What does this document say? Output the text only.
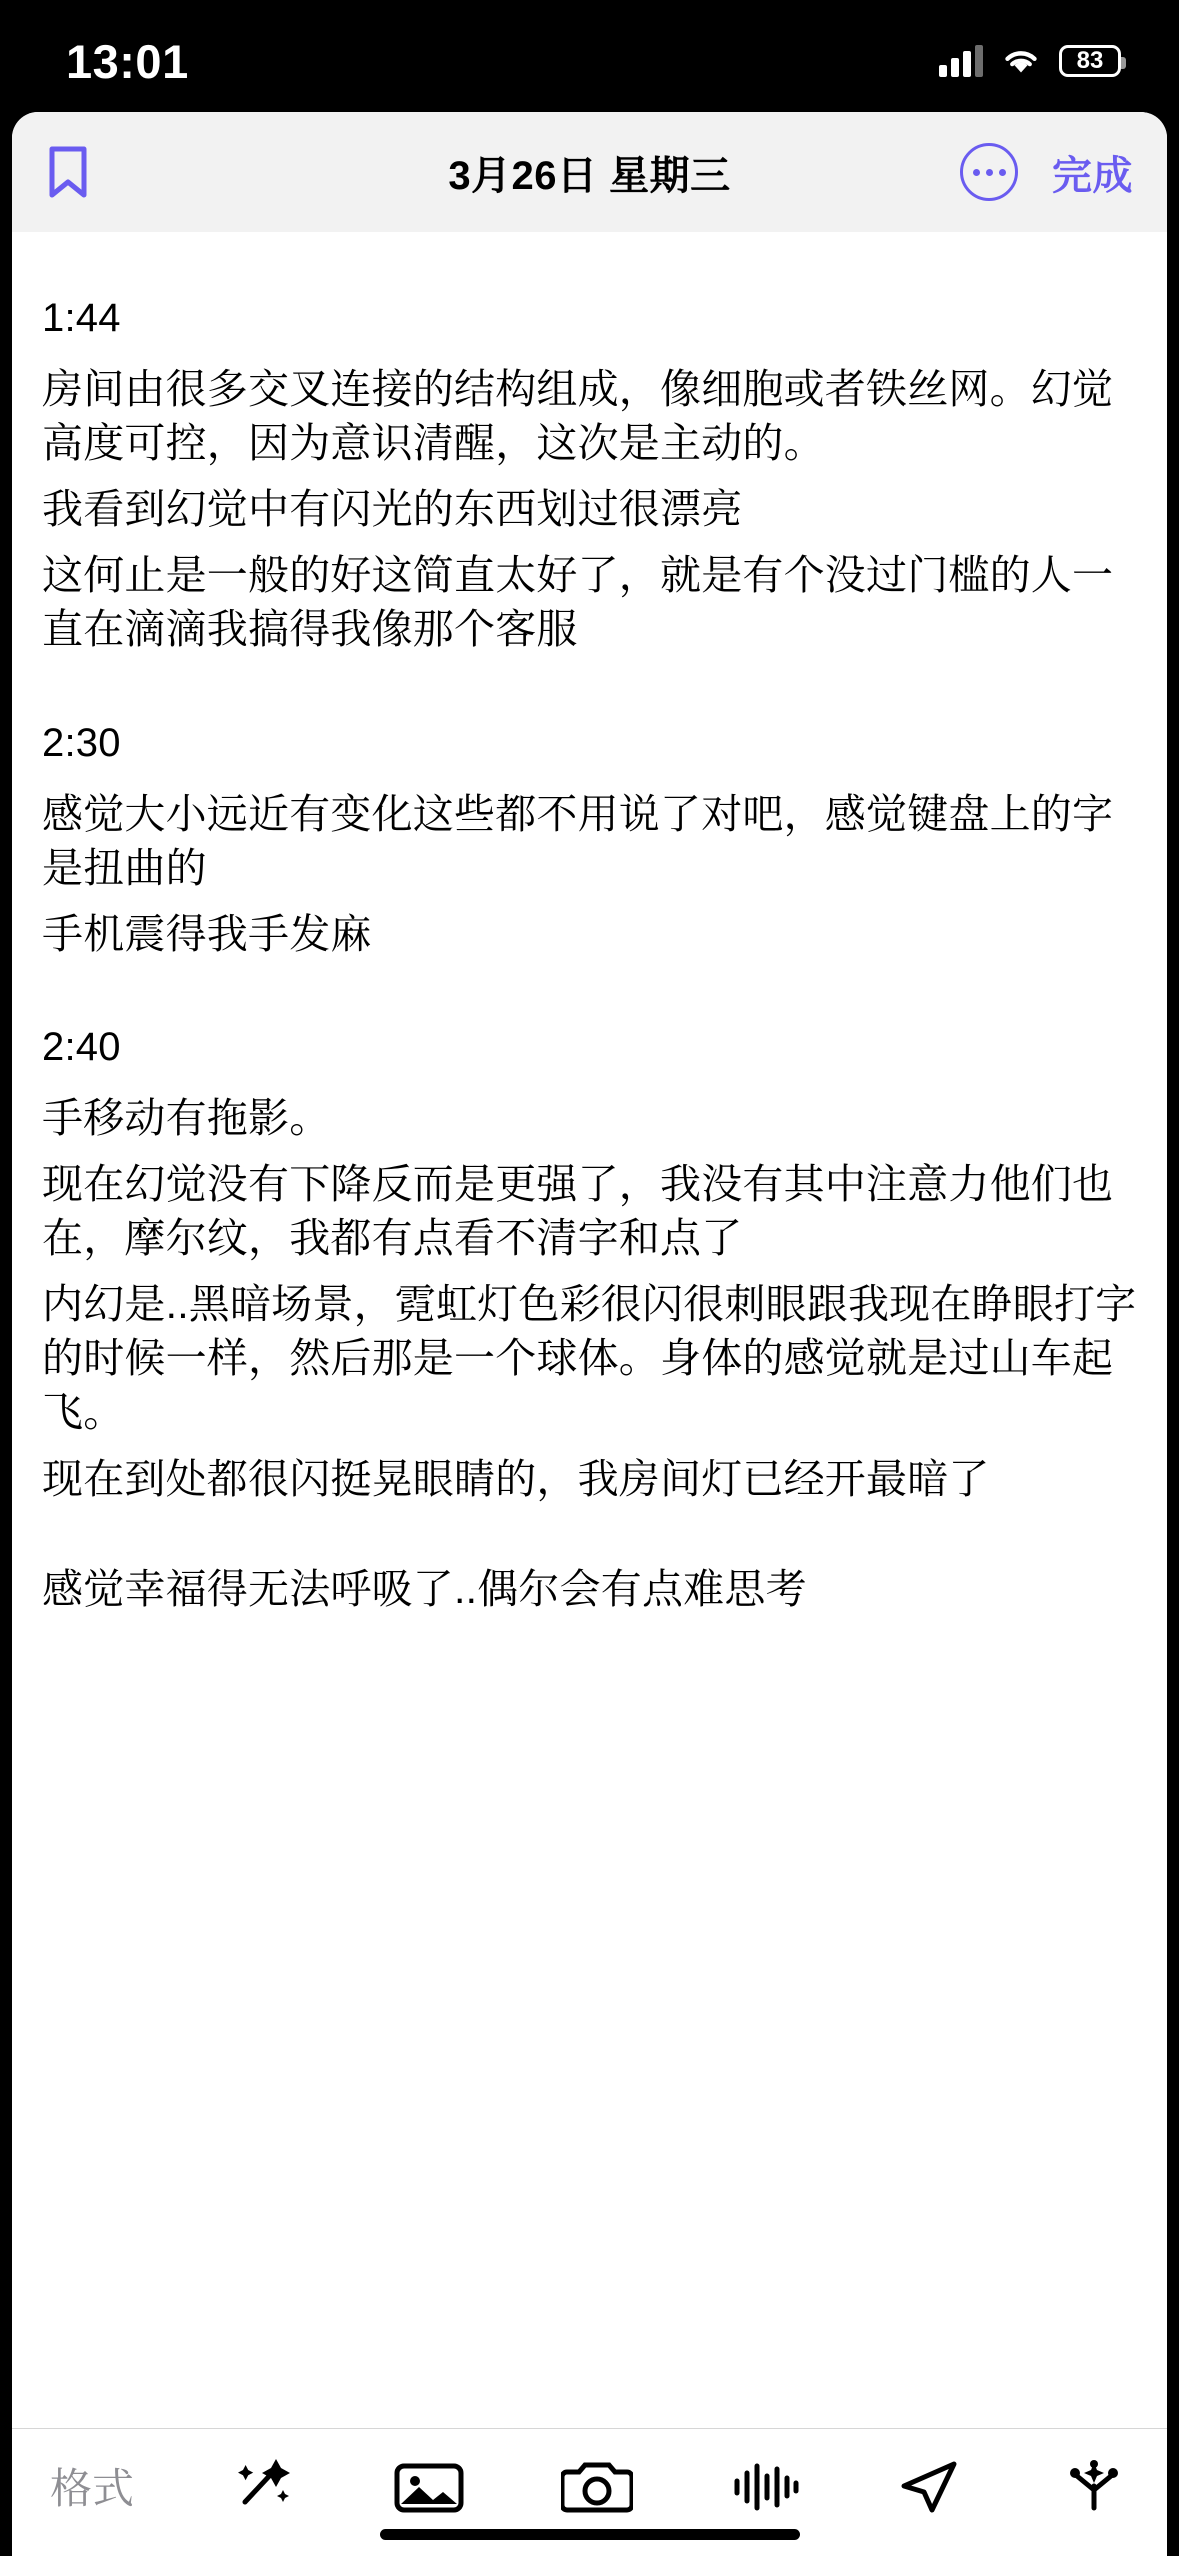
13:01	83
3月26日 星期三	完成
1:44
房间由很多交叉连接的结构组成，像细胞或者铁丝网。幻觉高度可控，因为意识清醒，这次是主动的。
我看到幻觉中有闪光的东西划过很漂亮
这何止是一般的好这简直太好了，就是有个没过门槛的人一直在滴滴我搞得我像那个客服
2:30
感觉大小远近有变化这些都不用说了对吧，感觉键盘上的字是扭曲的
手机震得我手发麻
2:40
手移动有拖影。
现在幻觉没有下降反而是更强了，我没有其中注意力他们也在，摩尔纹，我都有点看不清字和点了
内幻是..黑暗场景，霓虹灯色彩很闪很刺眼跟我现在睁眼打字的时候一样，然后那是一个球体。身体的感觉就是过山车起飞。
现在到处都很闪挺晃眼睛的，我房间灯已经开最暗了
感觉幸福得无法呼吸了..偶尔会有点难思考
格式
